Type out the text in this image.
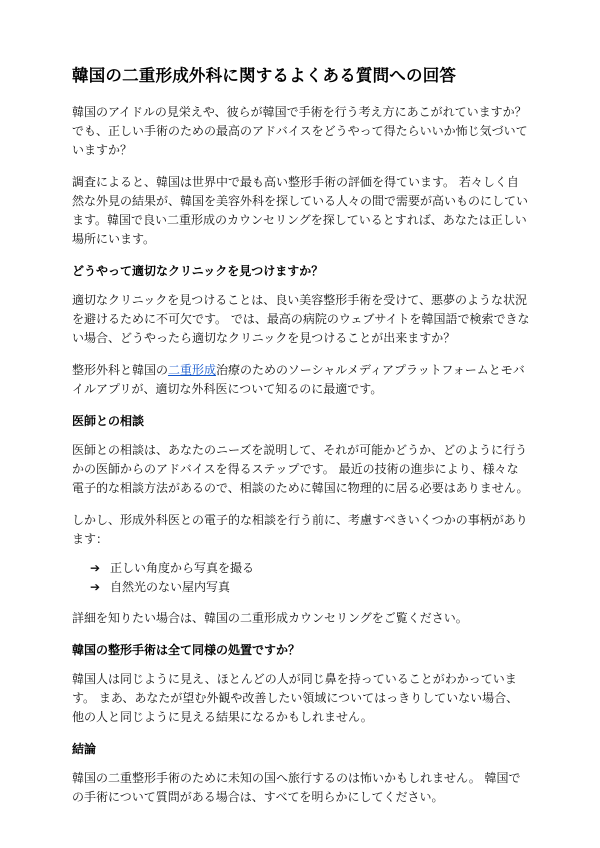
韓国の二重形成外科に関するよくある質問への回答

韓国のアイドルの見栄えや、彼らが韓国で手術を行う考え方にあこがれていますか？ でも、正しい手術のための最高のアドバイスをどうやって得たらいいか怖じ気づいていますか？

調査によると、韓国は世界中で最も高い整形手術の評価を得ています。 若々しく自然な外見の結果が、韓国を美容外科を探している人々の間で需要が高いものにしています。韓国で良い二重形成のカウンセリングを探しているとすれば、あなたは正しい場所にいます。

どうやって適切なクリニックを見つけますか？

適切なクリニックを見つけることは、良い美容整形手術を受けて、悪夢のような状況を避けるために不可欠です。 では、最高の病院のウェブサイトを韓国語で検索できない場合、どうやったら適切なクリニックを見つけることが出来ますか？

整形外科と韓国の二重形成治療のためのソーシャルメディアプラットフォームとモバイルアプリが、適切な外科医について知るのに最適です。

医師との相談

医師との相談は、あなたのニーズを説明して、それが可能かどうか、どのように行うかの医師からのアドバイスを得るステップです。 最近の技術の進歩により、様々な電子的な相談方法があるので、相談のために韓国に物理的に居る必要はありません。

しかし、形成外科医との電子的な相談を行う前に、考慮すべきいくつかの事柄があります：

➔ 正しい角度から写真を撮る
➔ 自然光のない屋内写真

詳細を知りたい場合は、韓国の二重形成カウンセリングをご覧ください。

韓国の整形手術は全て同様の処置ですか？

韓国人は同じように見え、ほとんどの人が同じ鼻を持っていることがわかっています。 まあ、あなたが望む外観や改善したい領域についてはっきりしていない場合、他の人と同じように見える結果になるかもしれません。

結論

韓国の二重整形手術のために未知の国へ旅行するのは怖いかもしれません。 韓国での手術について質問がある場合は、すべてを明らかにしてください。
